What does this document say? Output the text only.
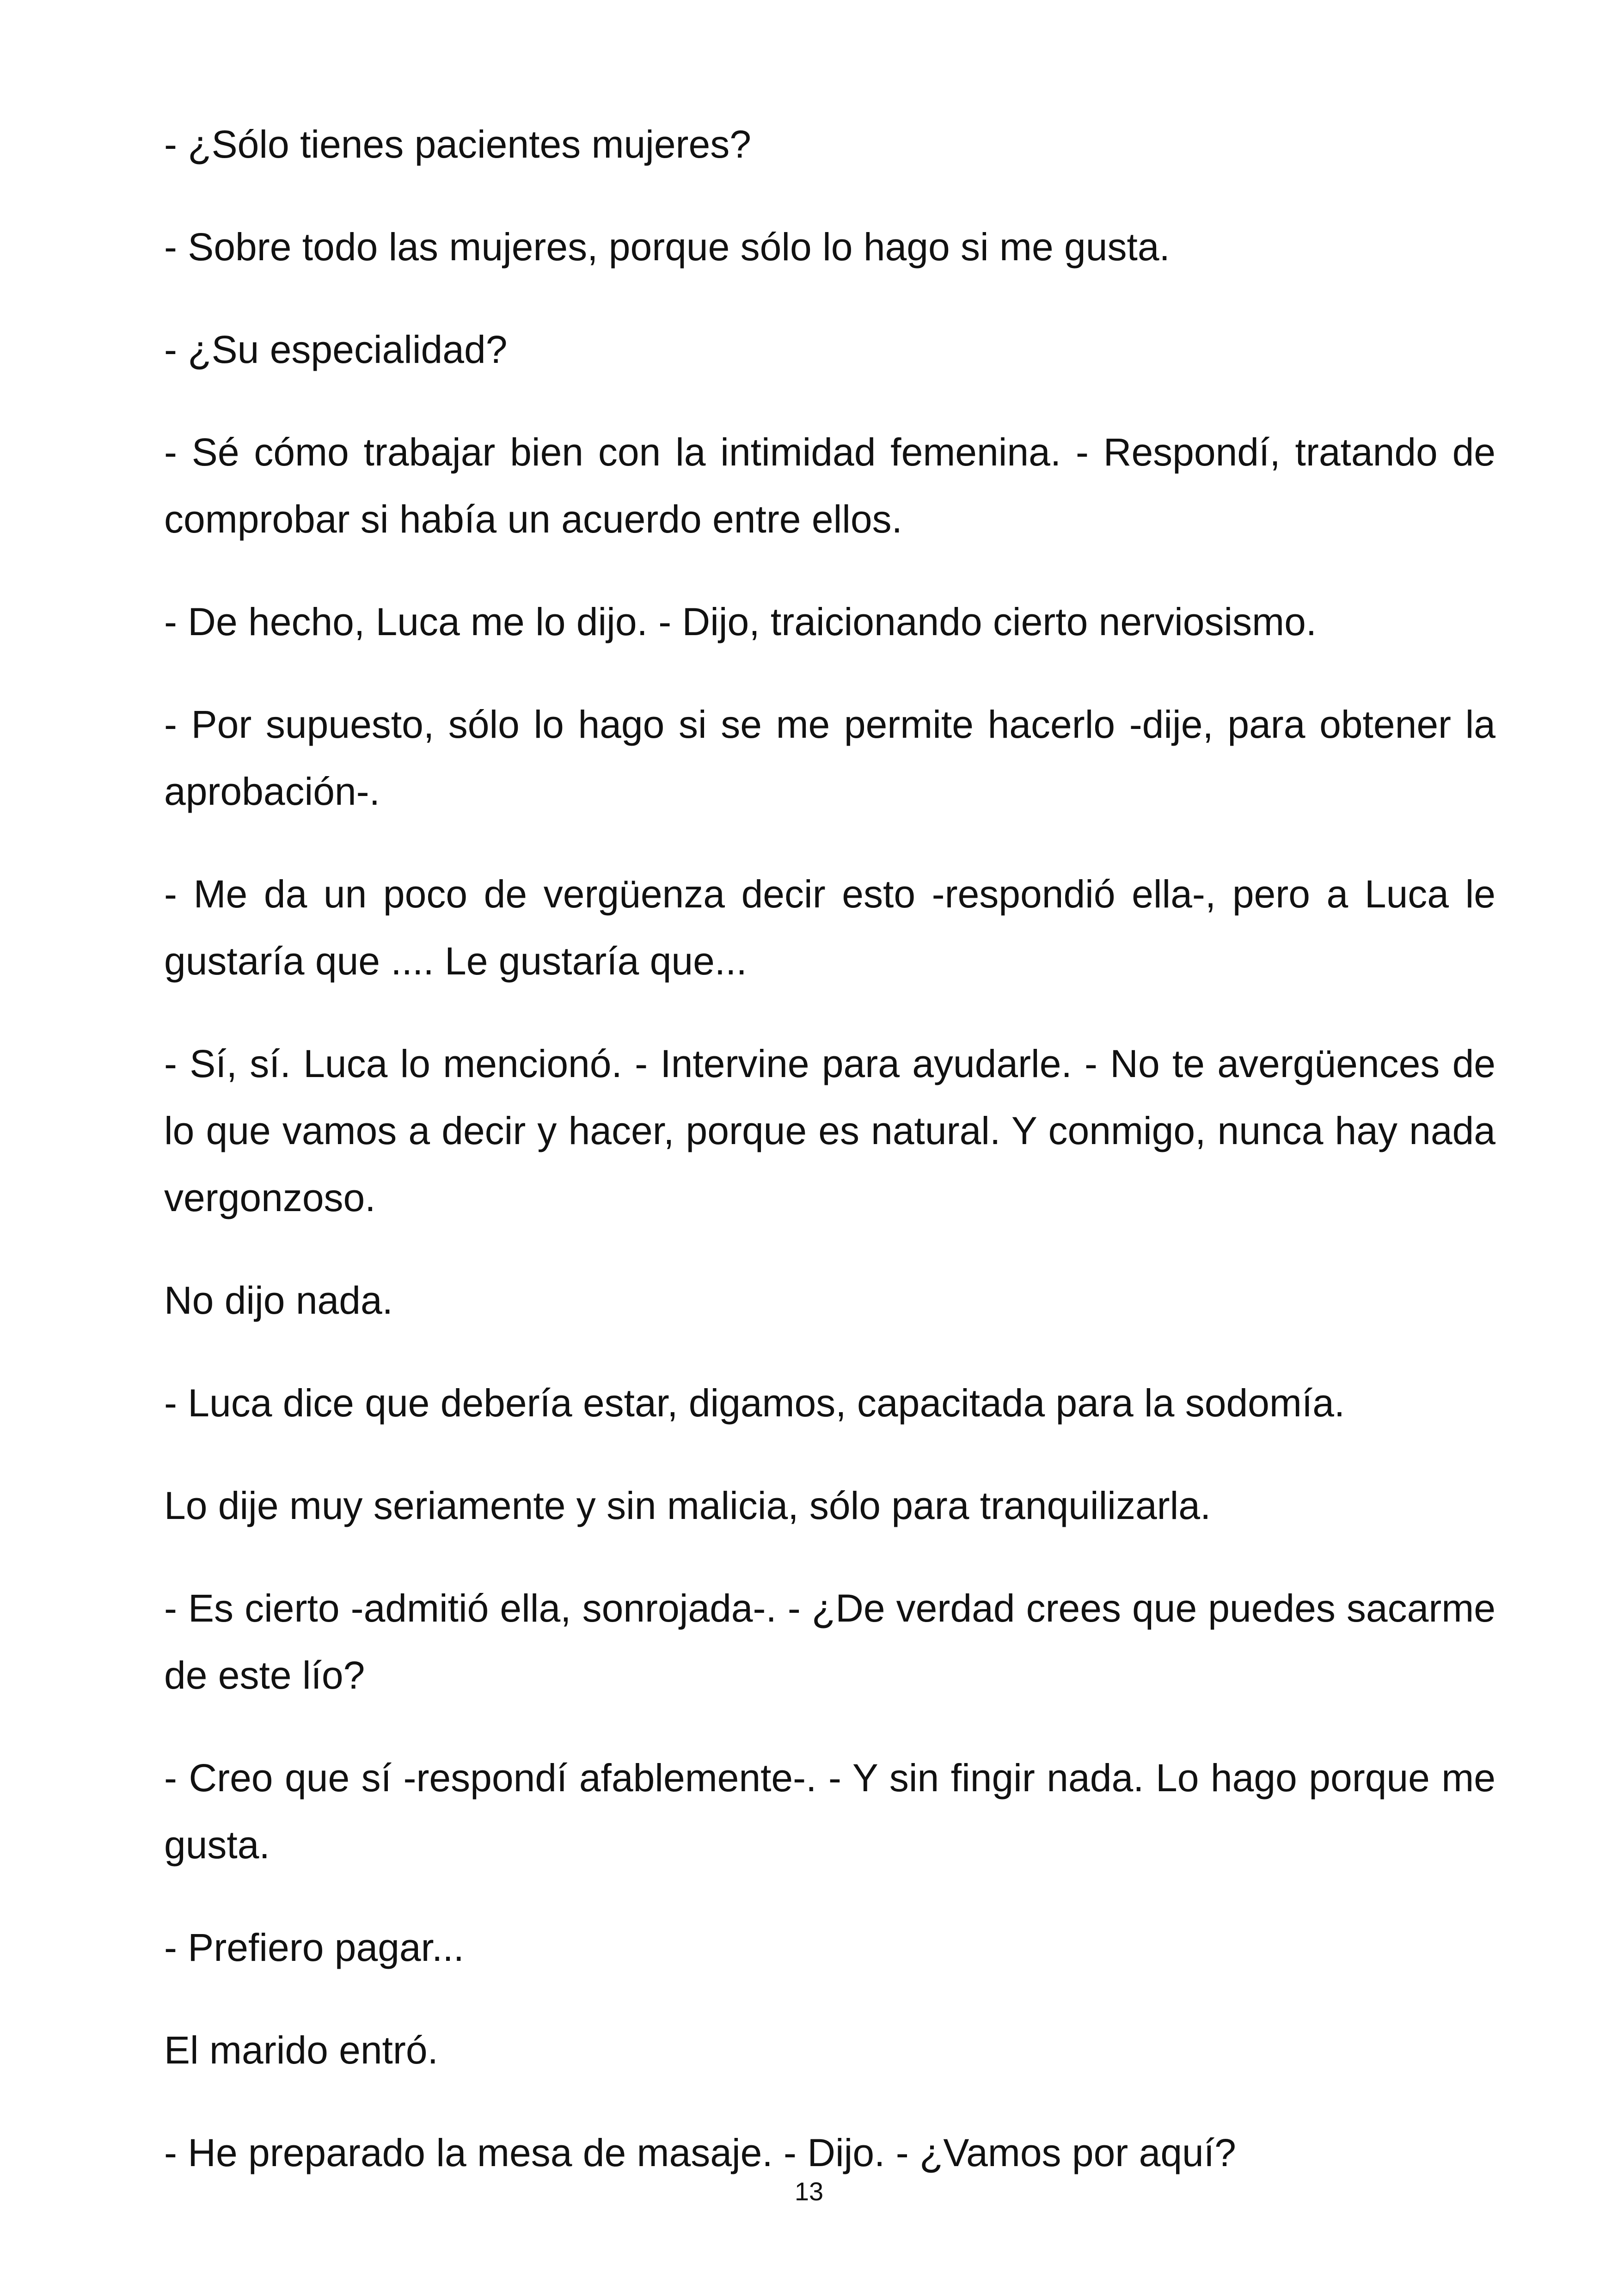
- ¿Sólo tienes pacientes mujeres?

- Sobre todo las mujeres, porque sólo lo hago si me gusta.

- ¿Su especialidad?

- Sé cómo trabajar bien con la intimidad femenina. - Respondí, tratando de comprobar si había un acuerdo entre ellos.

- De hecho, Luca me lo dijo. - Dijo, traicionando cierto nerviosismo.

- Por supuesto, sólo lo hago si se me permite hacerlo -dije, para obtener la aprobación-.

- Me da un poco de vergüenza decir esto -respondió ella-, pero a Luca le gustaría que .... Le gustaría que...

- Sí, sí. Luca lo mencionó. - Intervine para ayudarle. - No te avergüences de lo que vamos a decir y hacer, porque es natural. Y conmigo, nunca hay nada vergonzoso.

No dijo nada.

- Luca dice que debería estar, digamos, capacitada para la sodomía.

Lo dije muy seriamente y sin malicia, sólo para tranquilizarla.

- Es cierto -admitió ella, sonrojada-. - ¿De verdad crees que puedes sacarme de este lío?

- Creo que sí -respondí afablemente-. - Y sin fingir nada. Lo hago porque me gusta.

- Prefiero pagar...

El marido entró.

- He preparado la mesa de masaje. - Dijo. - ¿Vamos por aquí?

13
